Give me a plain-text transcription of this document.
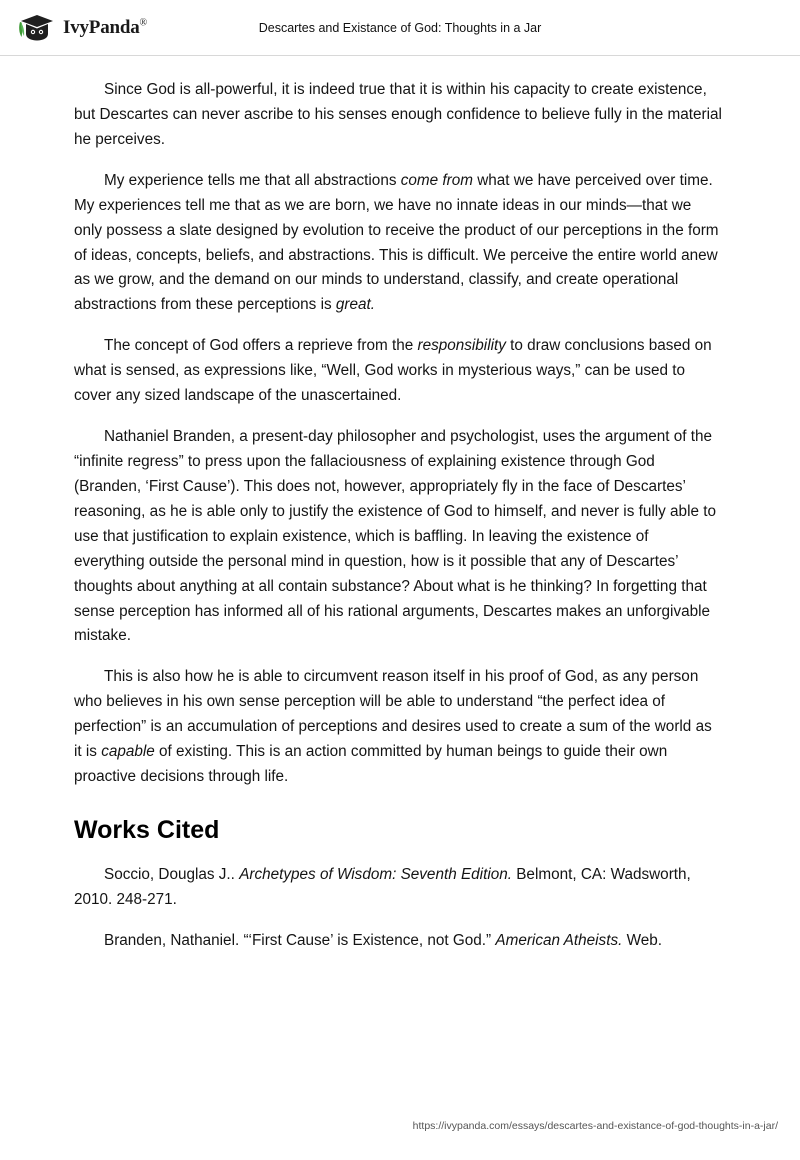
IvyPanda®	Descartes and Existance of God: Thoughts in a Jar

Since God is all-powerful, it is indeed true that it is within his capacity to create existence, but Descartes can never ascribe to his senses enough confidence to believe fully in the material he perceives.

My experience tells me that all abstractions come from what we have perceived over time. My experiences tell me that as we are born, we have no innate ideas in our minds—that we only possess a slate designed by evolution to receive the product of our perceptions in the form of ideas, concepts, beliefs, and abstractions. This is difficult. We perceive the entire world anew as we grow, and the demand on our minds to understand, classify, and create operational abstractions from these perceptions is great.

The concept of God offers a reprieve from the responsibility to draw conclusions based on what is sensed, as expressions like, “Well, God works in mysterious ways,” can be used to cover any sized landscape of the unascertained.

Nathaniel Branden, a present-day philosopher and psychologist, uses the argument of the “infinite regress” to press upon the fallaciousness of explaining existence through God (Branden, ‘First Cause’). This does not, however, appropriately fly in the face of Descartes’ reasoning, as he is able only to justify the existence of God to himself, and never is fully able to use that justification to explain existence, which is baffling. In leaving the existence of everything outside the personal mind in question, how is it possible that any of Descartes’ thoughts about anything at all contain substance? About what is he thinking? In forgetting that sense perception has informed all of his rational arguments, Descartes makes an unforgivable mistake.

This is also how he is able to circumvent reason itself in his proof of God, as any person who believes in his own sense perception will be able to understand “the perfect idea of perfection” is an accumulation of perceptions and desires used to create a sum of the world as it is capable of existing. This is an action committed by human beings to guide their own proactive decisions through life.

Works Cited

Soccio, Douglas J.. Archetypes of Wisdom: Seventh Edition. Belmont, CA: Wadsworth, 2010. 248-271.

Branden, Nathaniel. “‘First Cause’ is Existence, not God.” American Atheists. Web.

https://ivypanda.com/essays/descartes-and-existance-of-god-thoughts-in-a-jar/
